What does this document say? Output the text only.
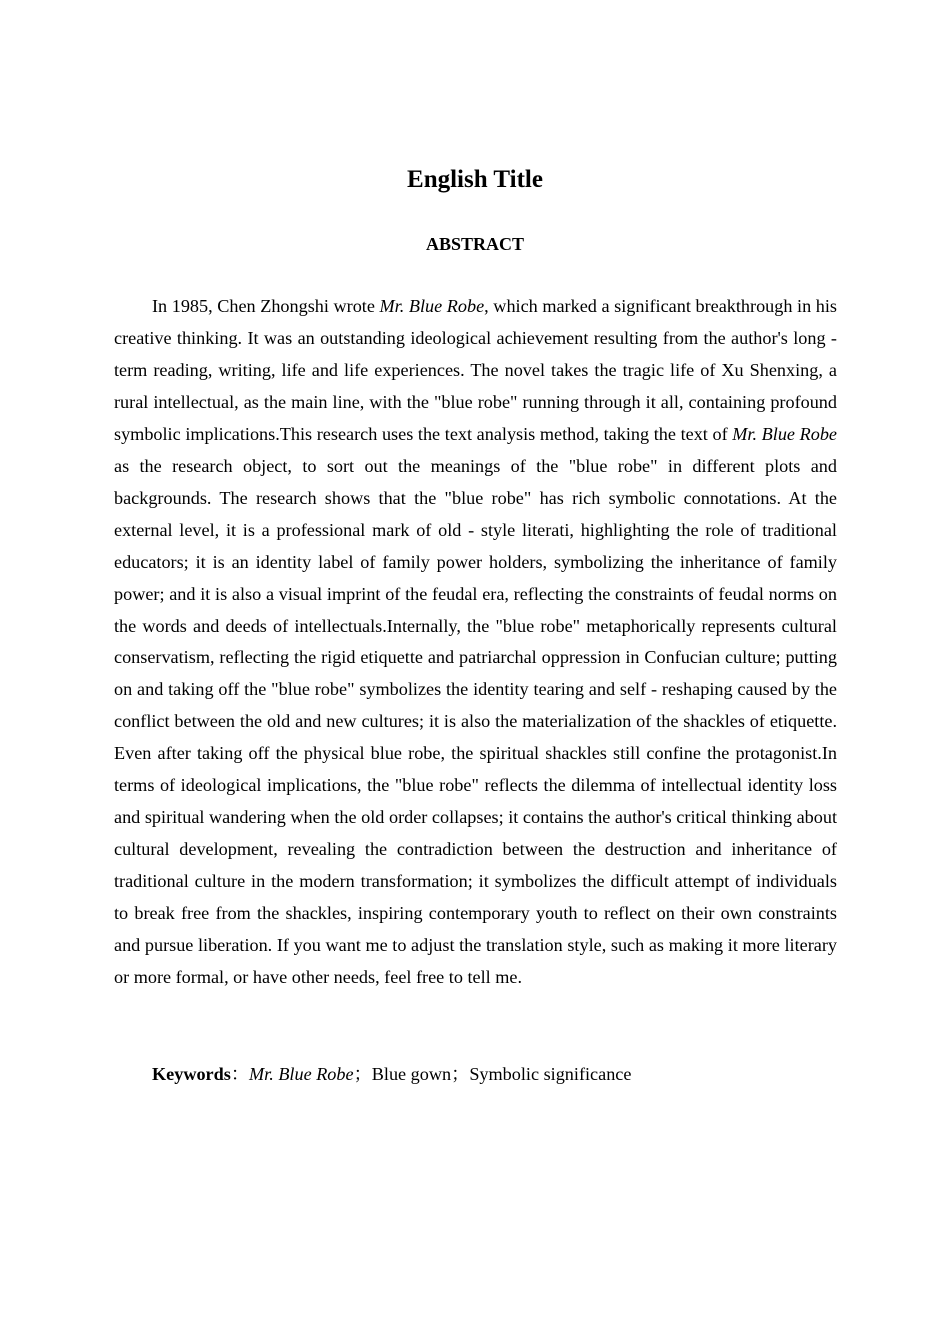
English Title
ABSTRACT

In 1985, Chen Zhongshi wrote Mr. Blue Robe, which marked a significant breakthrough in his creative thinking. It was an outstanding ideological achievement resulting from the author's long - term reading, writing, life and life experiences. The novel takes the tragic life of Xu Shenxing, a rural intellectual, as the main line, with the "blue robe" running through it all, containing profound symbolic implications.This research uses the text analysis method, taking the text of Mr. Blue Robe as the research object, to sort out the meanings of the "blue robe" in different plots and backgrounds. The research shows that the "blue robe" has rich symbolic connotations. At the external level, it is a professional mark of old - style literati, highlighting the role of traditional educators; it is an identity label of family power holders, symbolizing the inheritance of family power; and it is also a visual imprint of the feudal era, reflecting the constraints of feudal norms on the words and deeds of intellectuals.Internally, the "blue robe" metaphorically represents cultural conservatism, reflecting the rigid etiquette and patriarchal oppression in Confucian culture; putting on and taking off the "blue robe" symbolizes the identity tearing and self - reshaping caused by the conflict between the old and new cultures; it is also the materialization of the shackles of etiquette. Even after taking off the physical blue robe, the spiritual shackles still confine the protagonist.In terms of ideological implications, the "blue robe" reflects the dilemma of intellectual identity loss and spiritual wandering when the old order collapses; it contains the author's critical thinking about cultural development, revealing the contradiction between the destruction and inheritance of traditional culture in the modern transformation; it symbolizes the difficult attempt of individuals to break free from the shackles, inspiring contemporary youth to reflect on their own constraints and pursue liberation. If you want me to adjust the translation style, such as making it more literary or more formal, or have other needs, feel free to tell me.

Keywords：Mr. Blue Robe；Blue gown；Symbolic significance
